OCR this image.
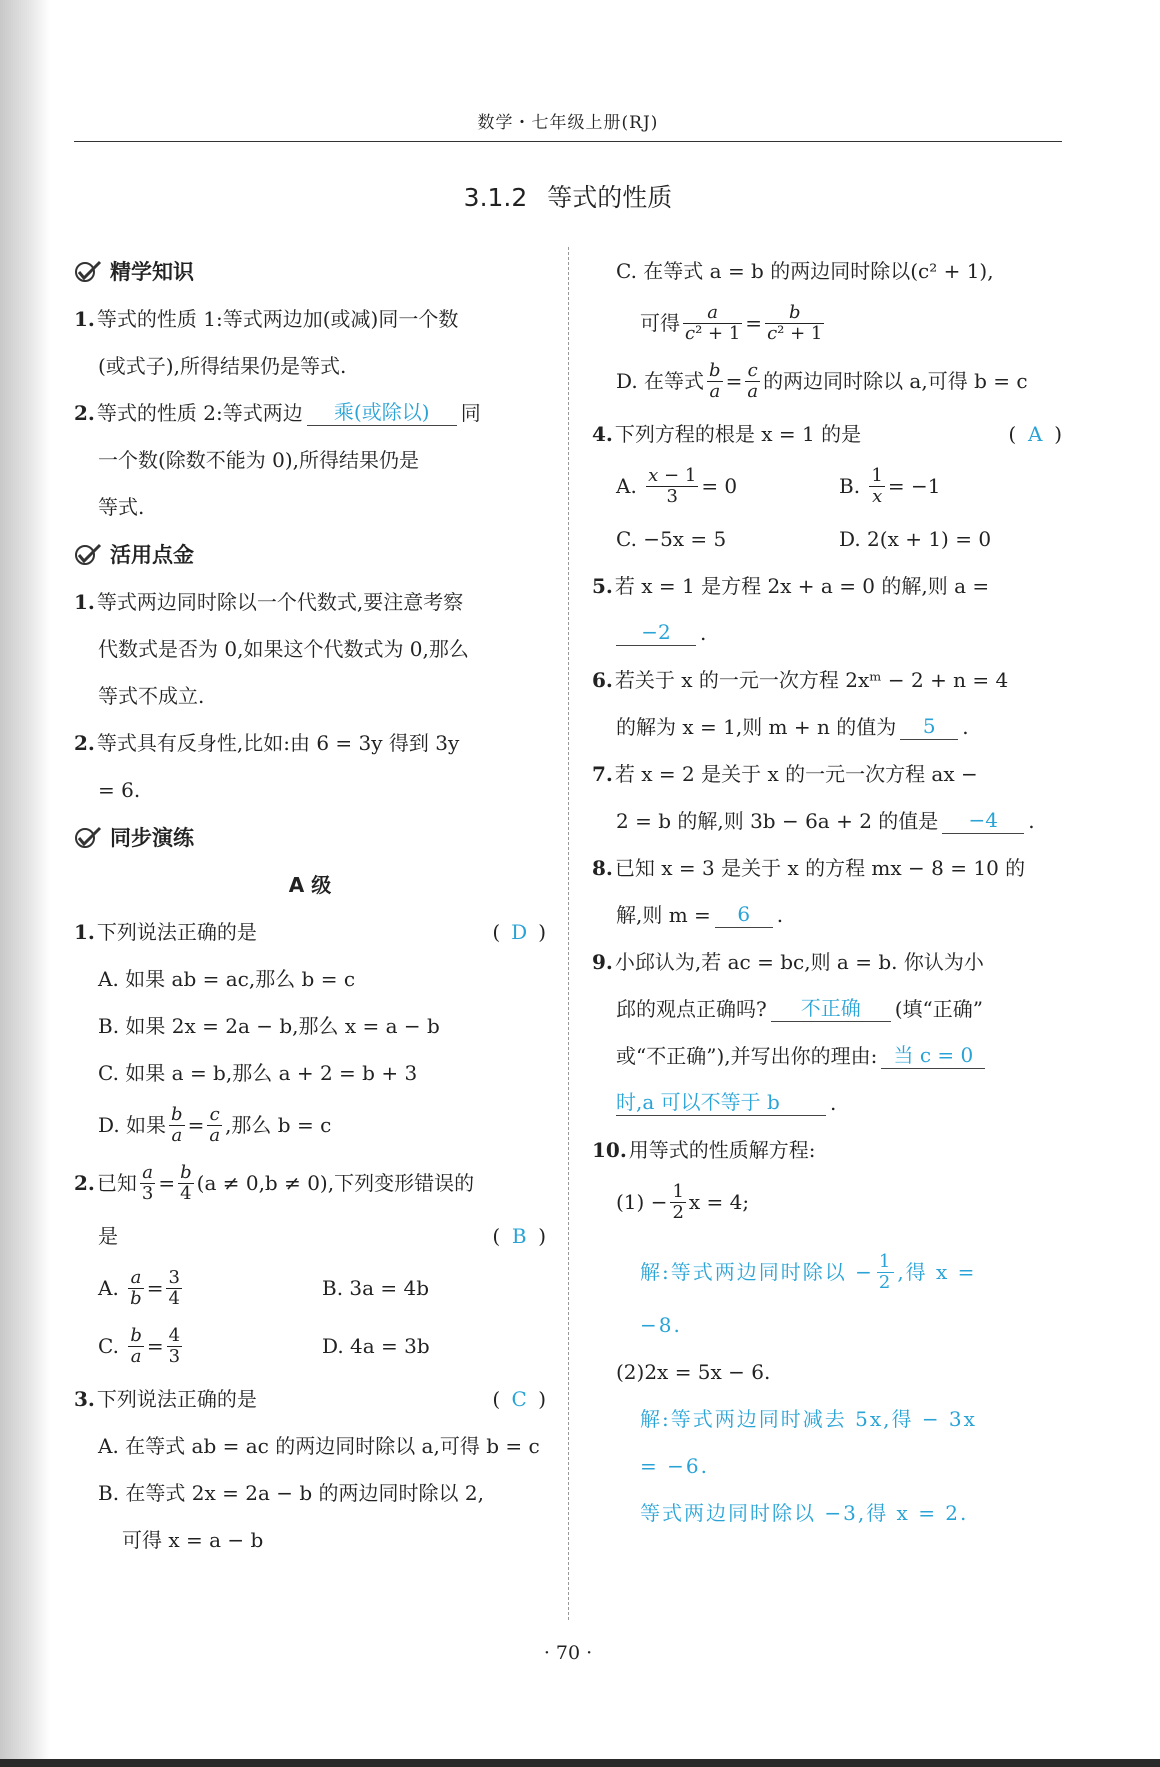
数学・七年级上册(RJ)
3.1.2 等式的性质
精学知识
1. 等式的性质 1:等式两边加(或减)同一个数
(或式子),所得结果仍是等式.
2. 等式的性质 2:等式两边	乘(或除以)	同
一个数(除数不能为 0),所得结果仍是
等式.
活用点金
1. 等式两边同时除以一个代数式,要注意考察
代数式是否为 0,如果这个代数式为 0,那么
等式不成立.
2. 等式具有反身性,比如:由 6 = 3y 得到 3y
= 6.
同步演练
A 级
1. 下列说法正确的是	( D )
A. 如果 ab = ac,那么 b = c
B. 如果 2x = 2a − b,那么 x = a − b
C. 如果 a = b,那么 a + 2 = b + 3
D. 如果 $\frac{b}{a} = \frac{c}{a}$ ,那么 b = c
2. 已知 $\frac{a}{3} = \frac{b}{4} (a \ne 0,b \ne 0)$,下列变形错误的
是	( B )
A. $\frac{a}{b} = \frac{3}{4}$	B. 3a = 4b
C. $\frac{b}{a} = \frac{4}{3}$	D. 4a = 3b
3. 下列说法正确的是	( C )
A. 在等式 ab = ac 的两边同时除以 a,可得 b = c
B. 在等式 2x = 2a − b 的两边同时除以 2,
可得 x = a − b
C. 在等式 a = b 的两边同时除以(c² + 1),
可得 $\frac{a}{\text{c² + 1}} = \frac{b}{\text{c² + 1}}$
D. 在等式 $\frac{b}{a} = \frac{c}{a}$ 的两边同时除以 a,可得 b = c
4. 下列方程的根是 x = 1 的是	( A )
A. $\frac{x - 1}{3} = 0$	B. $\frac{1}{x} = -1$
C. −5x = 5	D. 2(x + 1) = 0
5. 若 x = 1 是方程 2x + a = 0 的解,则 a =
−2	.
6. 若关于 x 的一元一次方程 2xᵐ − 2 + n = 4
的解为 x = 1,则 m + n 的值为	5	.
7. 若 x = 2 是关于 x 的一元一次方程 ax −
2 = b 的解,则 3b − 6a + 2 的值是	−4	.
8. 已知 x = 3 是关于 x 的方程 mx − 8 = 10 的
解,则 m =	6	.
9. 小邱认为,若 ac = bc,则 a = b. 你认为小
邱的观点正确吗?	不正确	(填“正确”
或“不正确”),并写出你的理由: 当 c = 0
时,a 可以不等于 b	.
10. 用等式的性质解方程:
$(1) - \frac{1}{2}$ x = 4;
解:等式两边同时除以 − $\frac{1}{2}$ ,得 x =
−8.
(2)2x = 5x − 6.
解:等式两边同时减去 5x,得 − 3x
= −6.
等式两边同时除以 −3,得 x = 2.
· 70 ·
